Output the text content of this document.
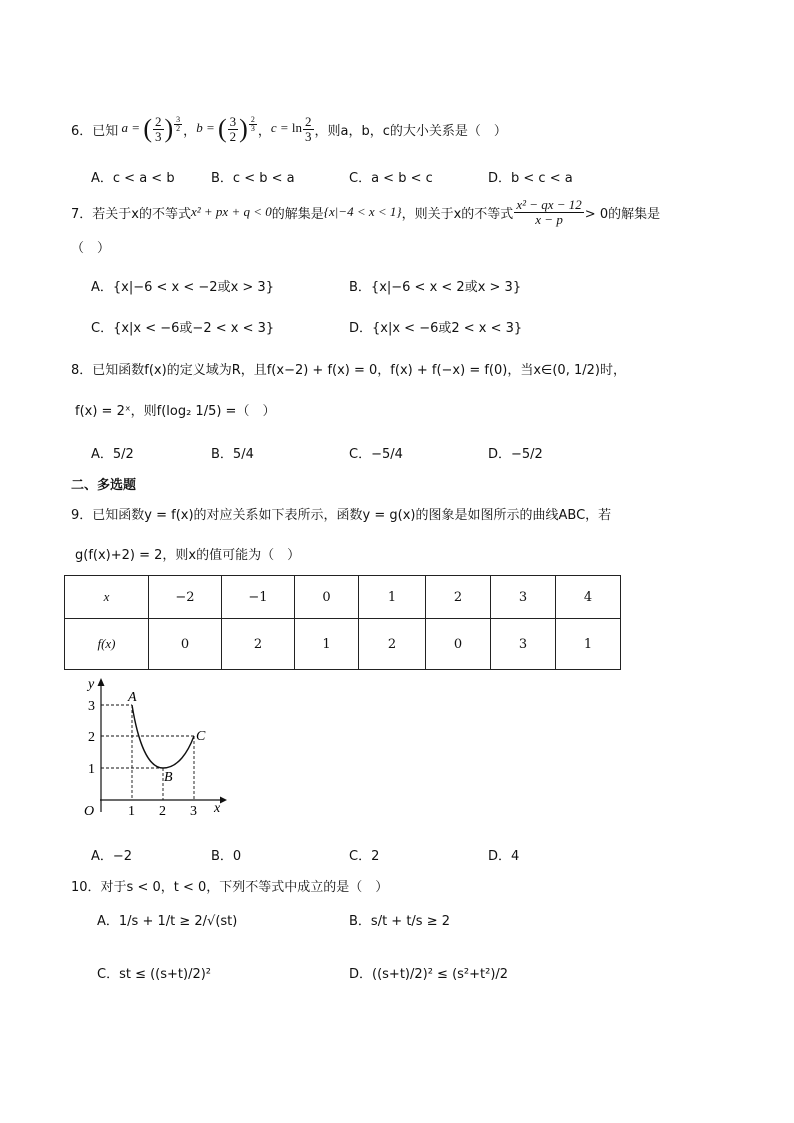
6． 已知 a = ( $\frac{2}{3}$ ) $^{\frac{3}{2}}$ ， b = ( $\frac{3}{2}$ ) $^{\frac{2}{3}}$ ， $c = \ln \frac{2}{3}$ ，则a，b，c的大小关系是（　）
A．c < a < b	B．c < b < a	C．a < b < c	D．b < c < a
7． 若关于x的不等式 x² + px + q < 0 的解集是 {x|−4 < x < 1} ，则关于x的不等式 $\frac{\text{x² − qx − 12}}{x - p} > 0$的解集是
（　）
A．{x|−6 < x < −2或x > 3}	B．{x|−6 < x < 2或x > 3}
C．{x|x < −6或−2 < x < 3}	D．{x|x < −6或2 < x < 3}
8．已知函数f(x)的定义域为R，且f(x−2) + f(x) = 0，f(x) + f(−x) = f(0)，当x∈(0, 1/2)时，
f(x) = 2ˣ，则f(log₂ 1/5) =（　）
A．5/2	B．5/4	C．−5/4	D．−5/2
二、多选题
9．已知函数y = f(x)的对应关系如下表所示，函数y = g(x)的图象是如图所示的曲线ABC，若
g(f(x)+2) = 2，则x的值可能为（　）
x	−2	−1	0	1	2	3	4
f(x)	0	2	1	2	0	3	1
y
x
O
A
B
C
1 2 3
1
2
3
A．−2	B．0	C．2	D．4
10．对于s < 0，t < 0，下列不等式中成立的是（　）
A．1/s + 1/t ≥ 2/√(st)	B．s/t + t/s ≥ 2
C．st ≤ ((s+t)/2)²	D．((s+t)/2)² ≤ (s²+t²)/2
